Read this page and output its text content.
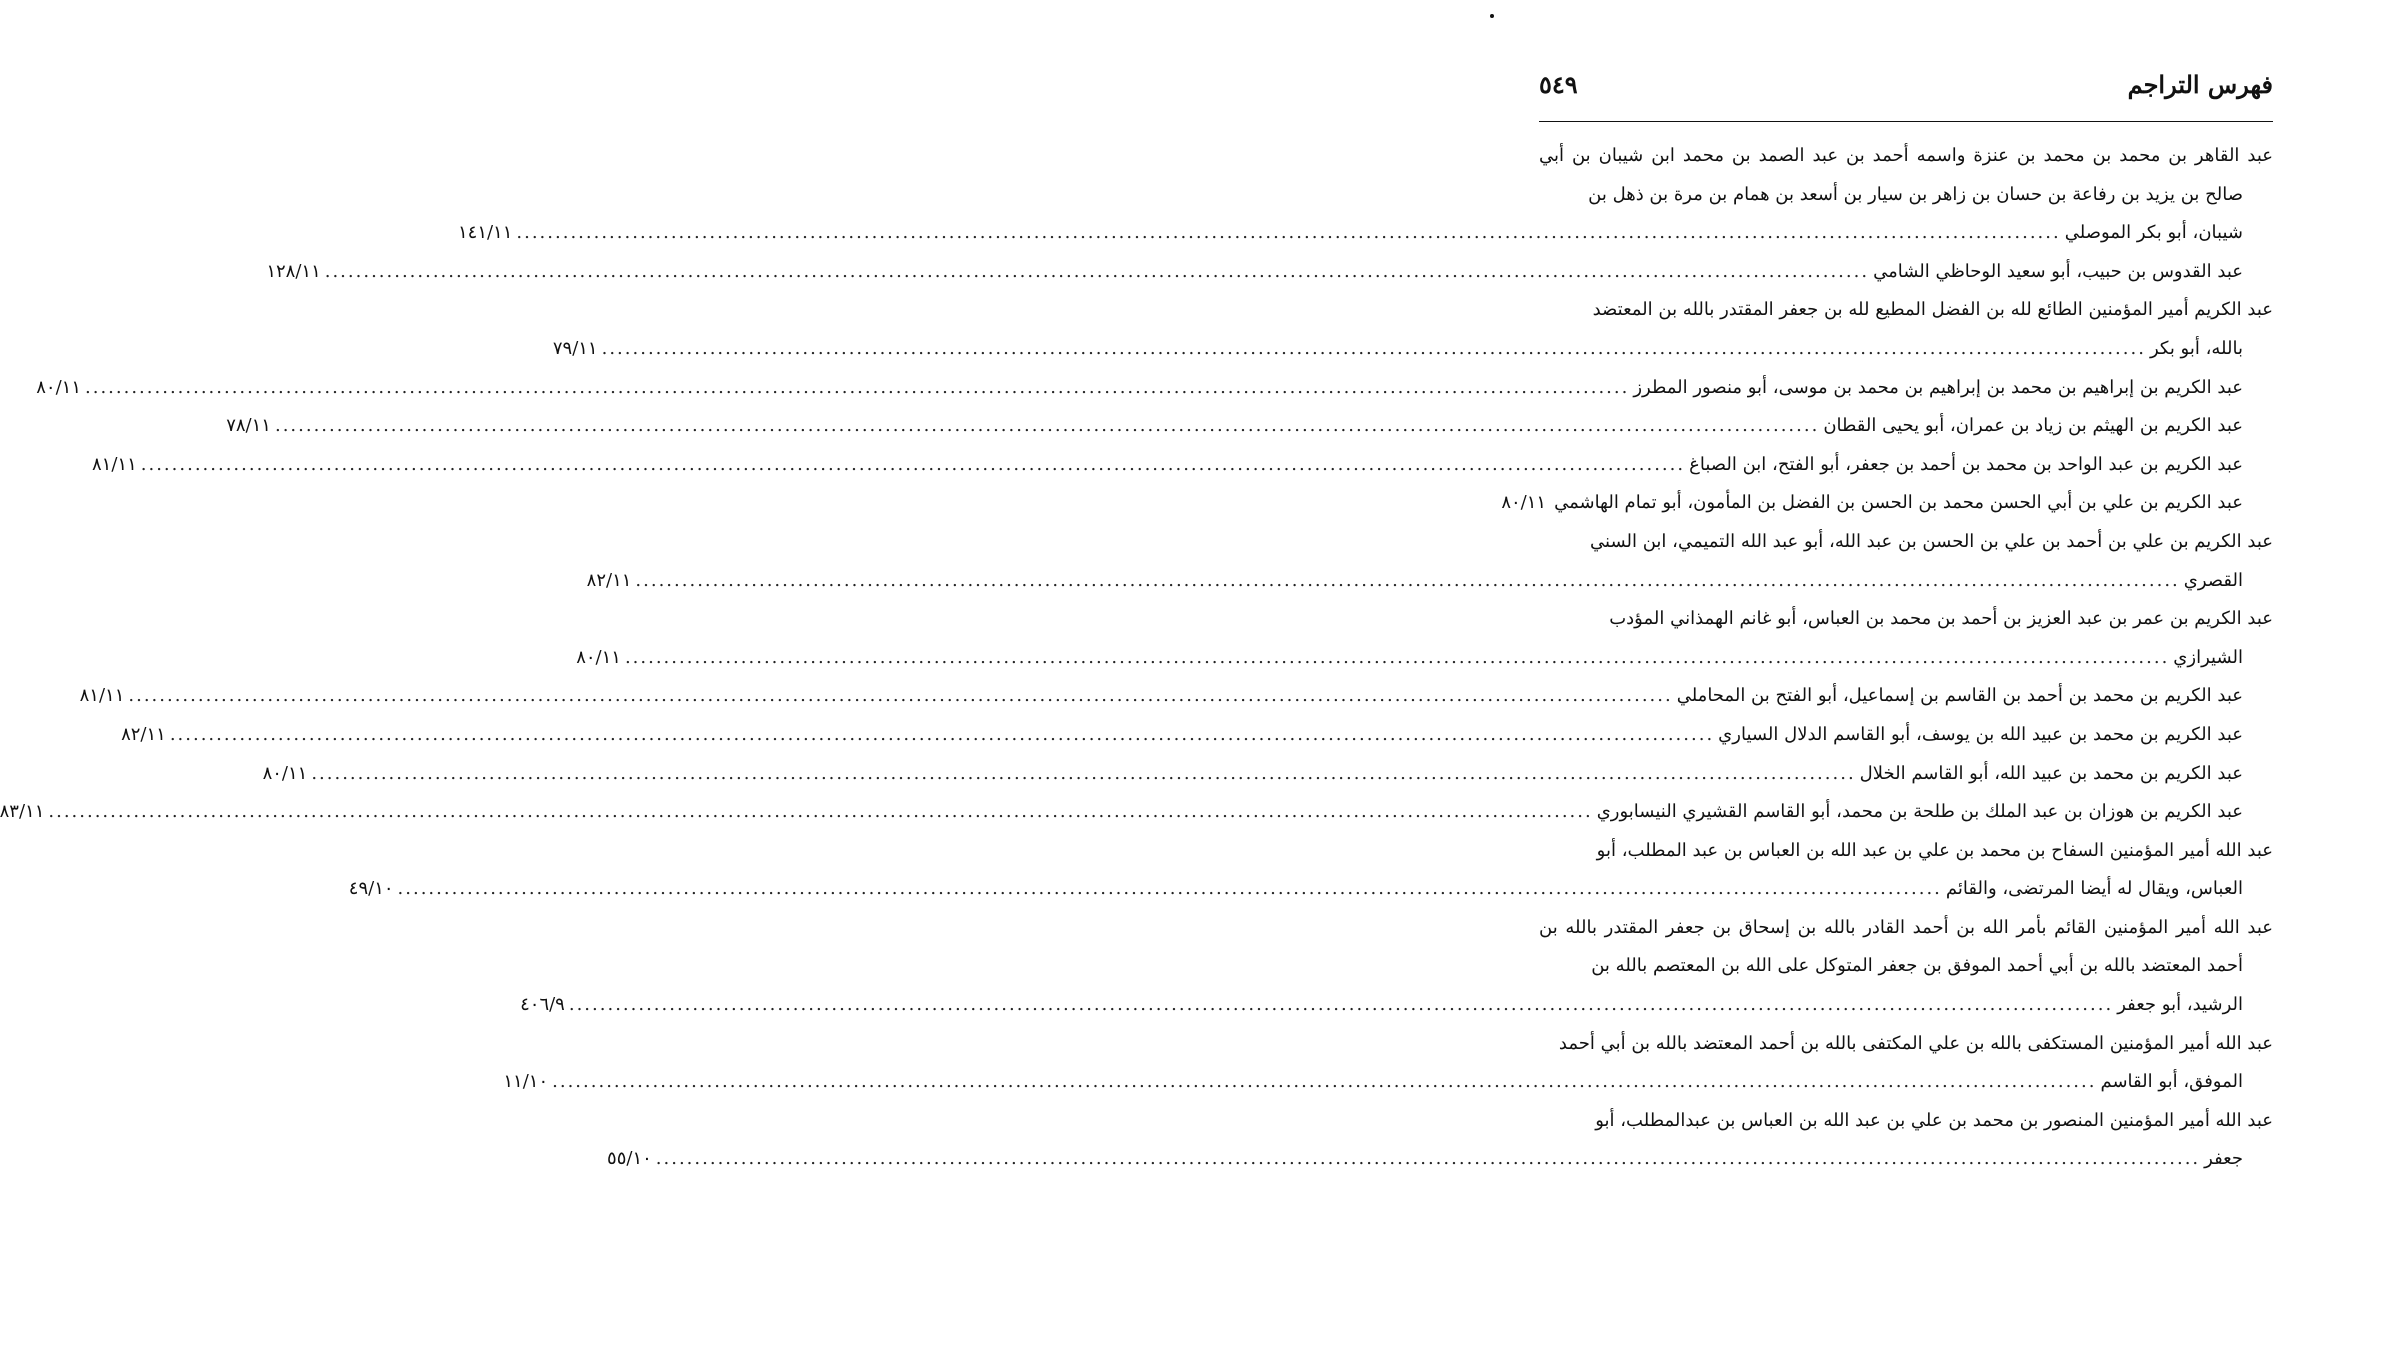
فهرس التراجم
٥٤٩
عبد القاهر بن محمد بن محمد بن عنزة واسمه أحمد بن عبد الصمد بن محمد ابن شيبان بن أبي صالح بن يزيد بن رفاعة بن حسان بن زاهر بن سيار بن أسعد بن همام بن مرة بن ذهل بن
شيبان، أبو بكر الموصلي
........................................................................................................................................................................................................
١٤١/١١
عبد القدوس بن حبيب، أبو سعيد الوحاظي الشامي
........................................................................................................................................................................................................
١٢٨/١١
عبد الكريم أمير المؤمنين الطائع لله بن الفضل المطيع لله بن جعفر المقتدر بالله بن المعتضد
بالله، أبو بكر
........................................................................................................................................................................................................
٧٩/١١
عبد الكريم بن إبراهيم بن محمد بن إبراهيم بن محمد بن موسى، أبو منصور المطرز
........................................................................................................................................................................................................
٨٠/١١
عبد الكريم بن الهيثم بن زياد بن عمران، أبو يحيى القطان
........................................................................................................................................................................................................
٧٨/١١
عبد الكريم بن عبد الواحد بن محمد بن أحمد بن جعفر، أبو الفتح، ابن الصباغ
........................................................................................................................................................................................................
٨١/١١
عبد الكريم بن علي بن أبي الحسن محمد بن الحسن بن الفضل بن المأمون، أبو تمام الهاشمي
٨٠/١١
عبد الكريم بن علي بن أحمد بن علي بن الحسن بن عبد الله، أبو عبد الله التميمي، ابن السني
القصري
........................................................................................................................................................................................................
٨٢/١١
عبد الكريم بن عمر بن عبد العزيز بن أحمد بن محمد بن العباس، أبو غانم الهمذاني المؤدب
الشيرازي
........................................................................................................................................................................................................
٨٠/١١
عبد الكريم بن محمد بن أحمد بن القاسم بن إسماعيل، أبو الفتح بن المحاملي
........................................................................................................................................................................................................
٨١/١١
عبد الكريم بن محمد بن عبيد الله بن يوسف، أبو القاسم الدلال السياري
........................................................................................................................................................................................................
٨٢/١١
عبد الكريم بن محمد بن عبيد الله، أبو القاسم الخلال
........................................................................................................................................................................................................
٨٠/١١
عبد الكريم بن هوزان بن عبد الملك بن طلحة بن محمد، أبو القاسم القشيري النيسابوري
........................................................................................................................................................................................................
٨٣/١١
عبد الله أمير المؤمنين السفاح بن محمد بن علي بن عبد الله بن العباس بن عبد المطلب، أبو
العباس، ويقال له أيضا المرتضى، والقائم
........................................................................................................................................................................................................
٤٩/١٠
عبد الله أمير المؤمنين القائم بأمر الله بن أحمد القادر بالله بن إسحاق بن جعفر المقتدر بالله بن أحمد المعتضد بالله بن أبي أحمد الموفق بن جعفر المتوكل على الله بن المعتصم بالله بن
الرشيد، أبو جعفر
........................................................................................................................................................................................................
٤٠٦/٩
عبد الله أمير المؤمنين المستكفى بالله بن علي المكتفى بالله بن أحمد المعتضد بالله بن أبي أحمد
الموفق، أبو القاسم
........................................................................................................................................................................................................
١١/١٠
عبد الله أمير المؤمنين المنصور بن محمد بن علي بن عبد الله بن العباس بن عبدالمطلب، أبو
جعفر
........................................................................................................................................................................................................
٥٥/١٠
